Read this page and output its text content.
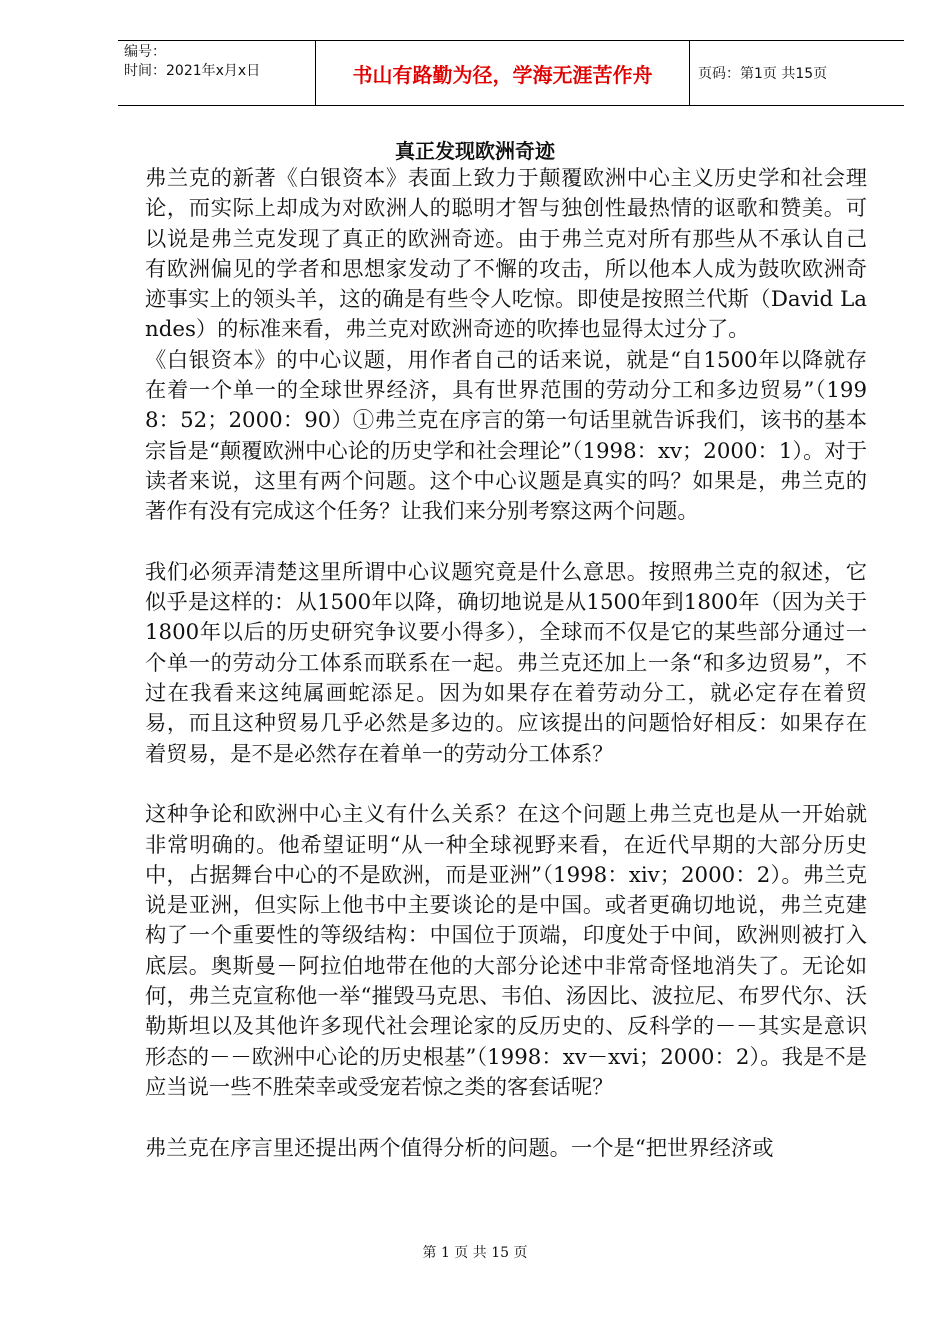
编号：
时间：2021年x月x日	书山有路勤为径，学海无涯苦作舟	页码：第1页 共15页
真正发现欧洲奇迹

弗兰克的新著《白银资本》表面上致力于颠覆欧洲中心主义历史学和社会理论，而实际上却成为对欧洲人的聪明才智与独创性最热情的讴歌和赞美。可以说是弗兰克发现了真正的欧洲奇迹。由于弗兰克对所有那些从不承认自己有欧洲偏见的学者和思想家发动了不懈的攻击，所以他本人成为鼓吹欧洲奇迹事实上的领头羊，这的确是有些令人吃惊。即使是按照兰代斯（David Landes）的标准来看，弗兰克对欧洲奇迹的吹捧也显得太过分了。

《白银资本》的中心议题，用作者自己的话来说，就是“自1500年以降就存在着一个单一的全球世界经济，具有世界范围的劳动分工和多边贸易”（1998：52；2000：90）①弗兰克在序言的第一句话里就告诉我们，该书的基本宗旨是“颠覆欧洲中心论的历史学和社会理论”（1998：xv；2000：1）。对于读者来说，这里有两个问题。这个中心议题是真实的吗？如果是，弗兰克的著作有没有完成这个任务？让我们来分别考察这两个问题。

我们必须弄清楚这里所谓中心议题究竟是什么意思。按照弗兰克的叙述，它似乎是这样的：从1500年以降，确切地说是从1500年到1800年（因为关于1800年以后的历史研究争议要小得多），全球而不仅是它的某些部分通过一个单一的劳动分工体系而联系在一起。弗兰克还加上一条“和多边贸易”，不过在我看来这纯属画蛇添足。因为如果存在着劳动分工，就必定存在着贸易，而且这种贸易几乎必然是多边的。应该提出的问题恰好相反：如果存在着贸易，是不是必然存在着单一的劳动分工体系？

这种争论和欧洲中心主义有什么关系？在这个问题上弗兰克也是从一开始就非常明确的。他希望证明“从一种全球视野来看，在近代早期的大部分历史中，占据舞台中心的不是欧洲，而是亚洲”（1998：xiv；2000：2）。弗兰克说是亚洲，但实际上他书中主要谈论的是中国。或者更确切地说，弗兰克建构了一个重要性的等级结构：中国位于顶端，印度处于中间，欧洲则被打入底层。奥斯曼－阿拉伯地带在他的大部分论述中非常奇怪地消失了。无论如何，弗兰克宣称他一举“摧毁马克思、韦伯、汤因比、波拉尼、布罗代尔、沃勒斯坦以及其他许多现代社会理论家的反历史的、反科学的－－其实是意识形态的－－欧洲中心论的历史根基”（1998：xv－xvi；2000：2）。我是不是应当说一些不胜荣幸或受宠若惊之类的客套话呢？

弗兰克在序言里还提出两个值得分析的问题。一个是“把世界经济或

第 1 页 共 15 页
